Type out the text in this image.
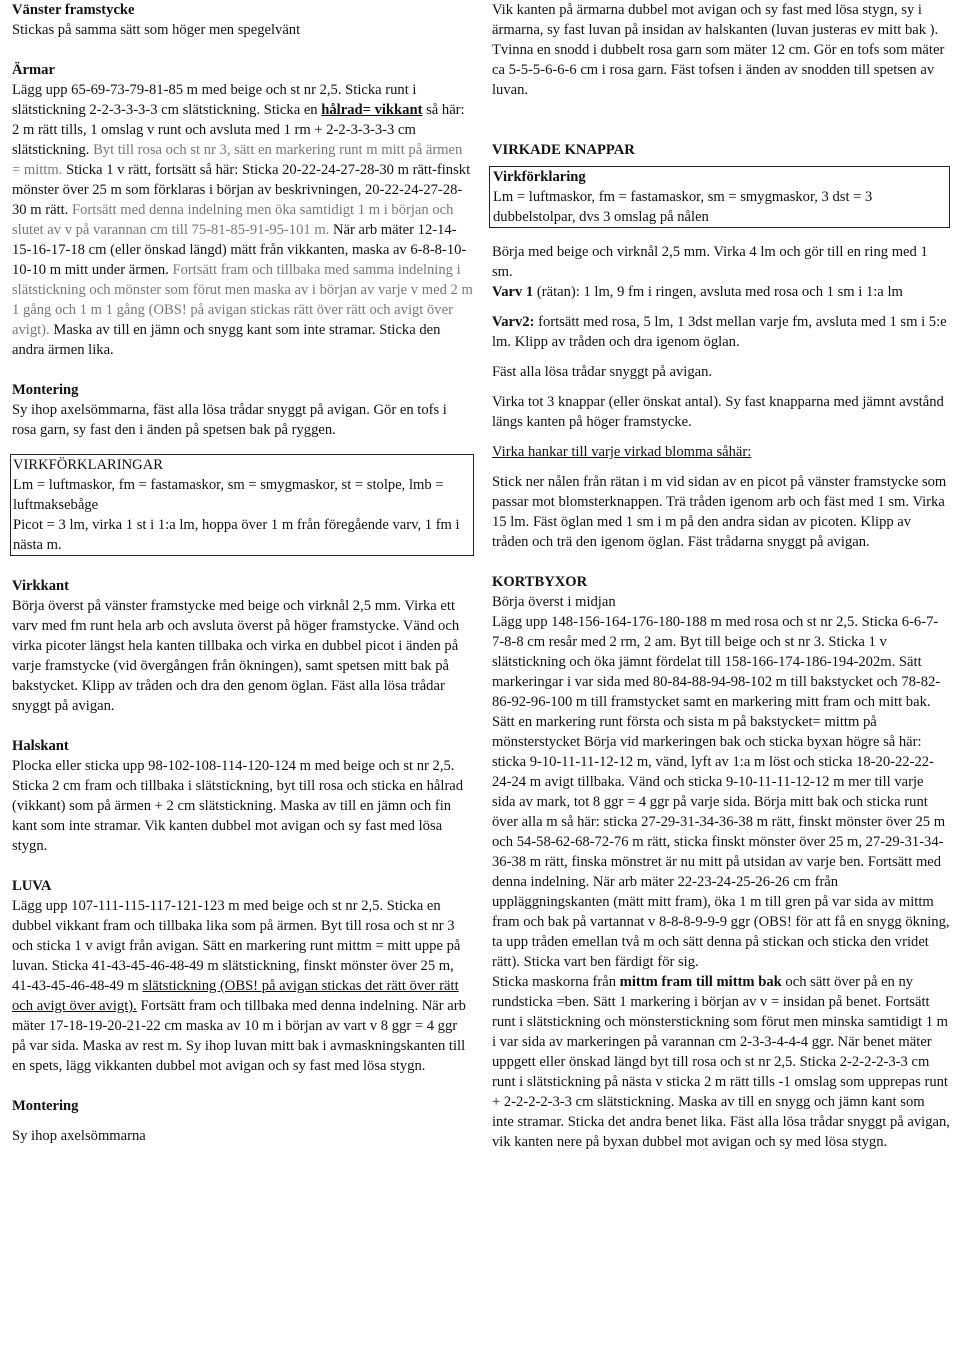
Vänster framstycke

Stickas på samma sätt som höger men spegelvänt

Ärmar

Lägg upp 65-69-73-79-81-85 m med beige och st nr 2,5. Sticka runt i slätstickning 2-2-3-3-3-3 cm slätstickning. Sticka en hålrad= vikkant så här: 2 m rätt tills, 1 omslag v runt och avsluta med 1 rm + 2-2-3-3-3-3 cm slätstickning. Byt till rosa och st nr 3, sätt en markering runt m mitt på ärmen = mittm. Sticka 1 v rätt, fortsätt så här: Sticka 20-22-24-27-28-30 m rätt-finskt mönster över 25 m som förklaras i början av beskrivningen, 20-22-24-27-28-30 m rätt. Fortsätt med denna indelning men öka samtidigt 1 m i början och slutet av v på varannan cm till 75-81-85-91-95-101 m. När arb mäter 12-14-15-16-17-18 cm (eller önskad längd) mätt från vikkanten, maska av 6-8-8-10-10-10 m mitt under ärmen. Fortsätt fram och tillbaka med samma indelning i slätstickning och mönster som förut men maska av i början av varje v med 2 m 1 gång och 1 m 1 gång (OBS! på avigan stickas rätt över rätt och avigt över avigt). Maska av till en jämn och snygg kant som inte stramar. Sticka den andra ärmen lika.

Montering

Sy ihop axelsömmarna, fäst alla lösa trådar snyggt på avigan. Gör en tofs i rosa garn, sy fast den i änden på spetsen bak på ryggen.

VIRKFÖRKLARINGAR

Lm = luftmaskor, fm = fastamaskor, sm = smygmaskor, st = stolpe, lmb = luftmaksebåge

Picot = 3 lm, virka 1 st i 1:a lm, hoppa över 1 m från föregående varv, 1 fm i nästa m.

Virkkant

Börja överst på vänster framstycke med beige och virknål 2,5 mm. Virka ett varv med fm runt hela arb och avsluta överst på höger framstycke. Vänd och virka picoter längst hela kanten tillbaka och virka en dubbel picot i änden på varje framstycke (vid övergången från ökningen), samt spetsen mitt bak på bakstycket. Klipp av tråden och dra den genom öglan. Fäst alla lösa trådar snyggt på avigan.

Halskant

Plocka eller sticka upp 98-102-108-114-120-124 m med beige och st nr 2,5. Sticka 2 cm fram och tillbaka i slätstickning, byt till rosa och sticka en hålrad (vikkant) som på ärmen + 2 cm slätstickning. Maska av till en jämn och fin kant som inte stramar. Vik kanten dubbel mot avigan och sy fast med lösa stygn.

LUVA

Lägg upp 107-111-115-117-121-123 m med beige och st nr 2,5. Sticka en dubbel vikkant fram och tillbaka lika som på ärmen. Byt till rosa och st nr 3 och sticka 1 v avigt från avigan. Sätt en markering runt mittm = mitt uppe på luvan. Sticka 41-43-45-46-48-49 m slätstickning, finskt mönster över 25 m, 41-43-45-46-48-49 m slätstickning (OBS! på avigan stickas det rätt över rätt och avigt över avigt). Fortsätt fram och tillbaka med denna indelning. När arb mäter 17-18-19-20-21-22 cm maska av 10 m i början av vart v 8 ggr = 4 ggr på var sida. Maska av rest m. Sy ihop luvan mitt bak i avmaskningskanten till en spets, lägg vikkanten dubbel mot avigan och sy fast med lösa stygn.

Montering

Sy ihop axelsömmarna

Vik kanten på ärmarna dubbel mot avigan och sy fast med lösa stygn, sy i ärmarna, sy fast luvan på insidan av halskanten (luvan justeras ev mitt bak ). Tvinna en snodd i dubbelt rosa garn som mäter 12 cm. Gör en tofs som mäter ca 5-5-5-6-6-6 cm i rosa garn. Fäst tofsen i änden av snodden till spetsen av luvan.

VIRKADE KNAPPAR
Virkförklaring

Lm = luftmaskor, fm = fastamaskor, sm = smygmaskor, 3 dst = 3 dubbelstolpar, dvs 3 omslag på nålen

Börja med beige och virknål 2,5 mm. Virka 4 lm och gör till en ring med 1 sm.

Varv 1 (rätan): 1 lm, 9 fm i ringen, avsluta med rosa och 1 sm i 1:a lm

Varv2: fortsätt med rosa, 5 lm, 1 3dst mellan varje fm, avsluta med 1 sm i 5:e lm. Klipp av tråden och dra igenom öglan.

Fäst alla lösa trådar snyggt på avigan.

Virka tot 3 knappar (eller önskat antal). Sy fast knapparna med jämnt avstånd längs kanten på höger framstycke.

Virka hankar till varje virkad blomma såhär:

Stick ner nålen från rätan i m vid sidan av en picot på vänster framstycke som passar mot blomsterknappen. Trä tråden igenom arb och fäst med 1 sm. Virka 15 lm. Fäst öglan med 1 sm i m på den andra sidan av picoten. Klipp av tråden och trä den igenom öglan. Fäst trådarna snyggt på avigan.

KORTBYXOR

Börja överst i midjan

Lägg upp 148-156-164-176-180-188 m med rosa och st nr 2,5. Sticka 6-6-7-7-8-8 cm resår med 2 rm, 2 am. Byt till beige och st nr 3. Sticka 1 v slätstickning och öka jämnt fördelat till 158-166-174-186-194-202m. Sätt markeringar i var sida med 80-84-88-94-98-102 m till bakstycket och 78-82-86-92-96-100 m till framstycket samt en markering mitt fram och mitt bak. Sätt en markering runt första och sista m på bakstycket= mittm på mönsterstycket Börja vid markeringen bak och sticka byxan högre så här: sticka 9-10-11-11-12-12 m, vänd, lyft av 1:a m löst och sticka 18-20-22-22-24-24 m avigt tillbaka. Vänd och sticka 9-10-11-11-12-12 m mer till varje sida av mark, tot 8 ggr = 4 ggr på varje sida. Börja mitt bak och sticka runt över alla m så här: sticka 27-29-31-34-36-38 m rätt, finskt mönster över 25 m och 54-58-62-68-72-76 m rätt, sticka finskt mönster över 25 m, 27-29-31-34-36-38 m rätt, finska mönstret är nu mitt på utsidan av varje ben. Fortsätt med denna indelning. När arb mäter 22-23-24-25-26-26 cm från uppläggningskanten (mätt mitt fram), öka 1 m till gren på var sida av mittm fram och bak på vartannat v 8-8-8-9-9-9 ggr (OBS! för att få en snygg ökning, ta upp tråden emellan två m och sätt denna på stickan och sticka den vridet rätt). Sticka vart ben färdigt för sig.

Sticka maskorna från mittm fram till mittm bak och sätt över på en ny rundsticka =ben. Sätt 1 markering i början av v = insidan på benet. Fortsätt runt i slätstickning och mönsterstickning som förut men minska samtidigt 1 m i var sida av markeringen på varannan cm 2-3-3-4-4-4 ggr. När benet mäter uppgett eller önskad längd byt till rosa och st nr 2,5. Sticka 2-2-2-2-3-3 cm runt i slätstickning på nästa v sticka 2 m rätt tills -1 omslag som upprepas runt + 2-2-2-2-3-3 cm slätstickning. Maska av till en snygg och jämn kant som inte stramar. Sticka det andra benet lika. Fäst alla lösa trådar snyggt på avigan, vik kanten nere på byxan dubbel mot avigan och sy med lösa stygn.
